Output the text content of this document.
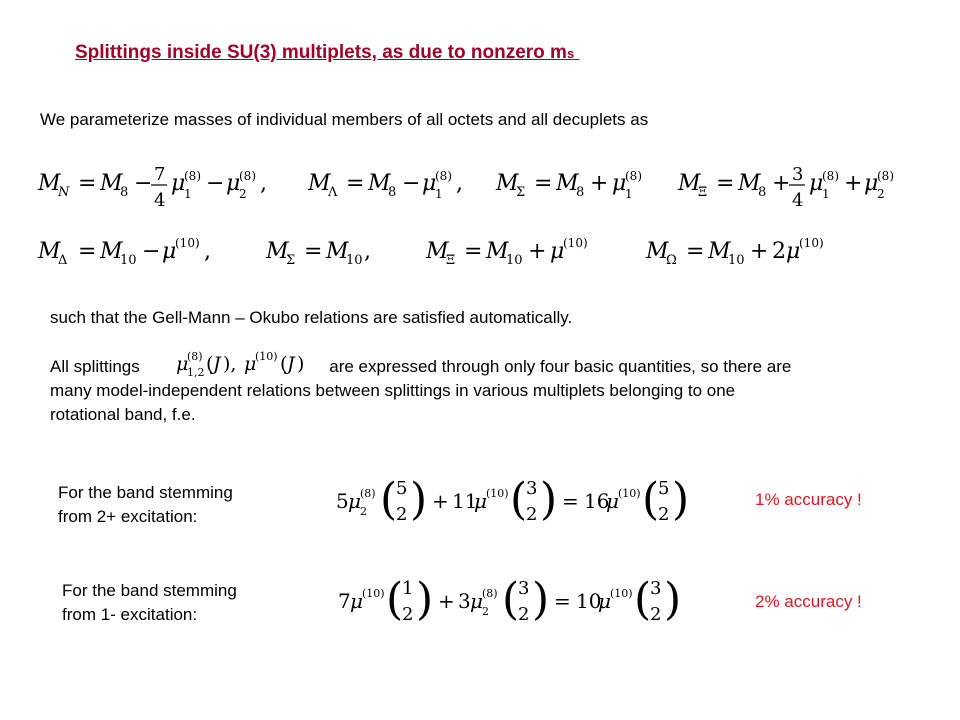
Splittings inside SU(3) multiplets, as due to nonzero ms
We parameterize masses of individual members of all octets and all decuplets as
M
N = M
8 − 7
4
μ
(8)
1 − μ
(8)
2 , M
Λ = M
8 − μ
(8)
1 , M
Σ = M
8 + μ
(8)
1 M
Ξ = M
8 + 3
4
μ
(8)
1 + μ
(8)
2
M
Δ = M
10 − μ
(10) ,	M
Σ = M
10 ,	M
Ξ = M
10 + μ
(10)	M
Ω = M
10 + 2 μ
(10)
such that the Gell-Mann – Okubo relations are satisfied automatically.
All splittings	are expressed through only four basic quantities, so there are
many model-independent relations between splittings in various multiplets belonging to one
rotational band, f.e.
μ
(8)
1,2 ( J ), μ
(10) ( J )
For the band stemming
from 2+ excitation:
5 μ (8)
2 (
5
2 ) + 11
μ (10) (
3
2 ) = 16
μ (10) (
5
2 )	1% accuracy !
For the band stemming
from 1- excitation:
7 μ (10) (
1
2 ) + 3 μ (8)
2 (
3
2 ) = 10
μ (10) (
3
2 )	2% accuracy !
